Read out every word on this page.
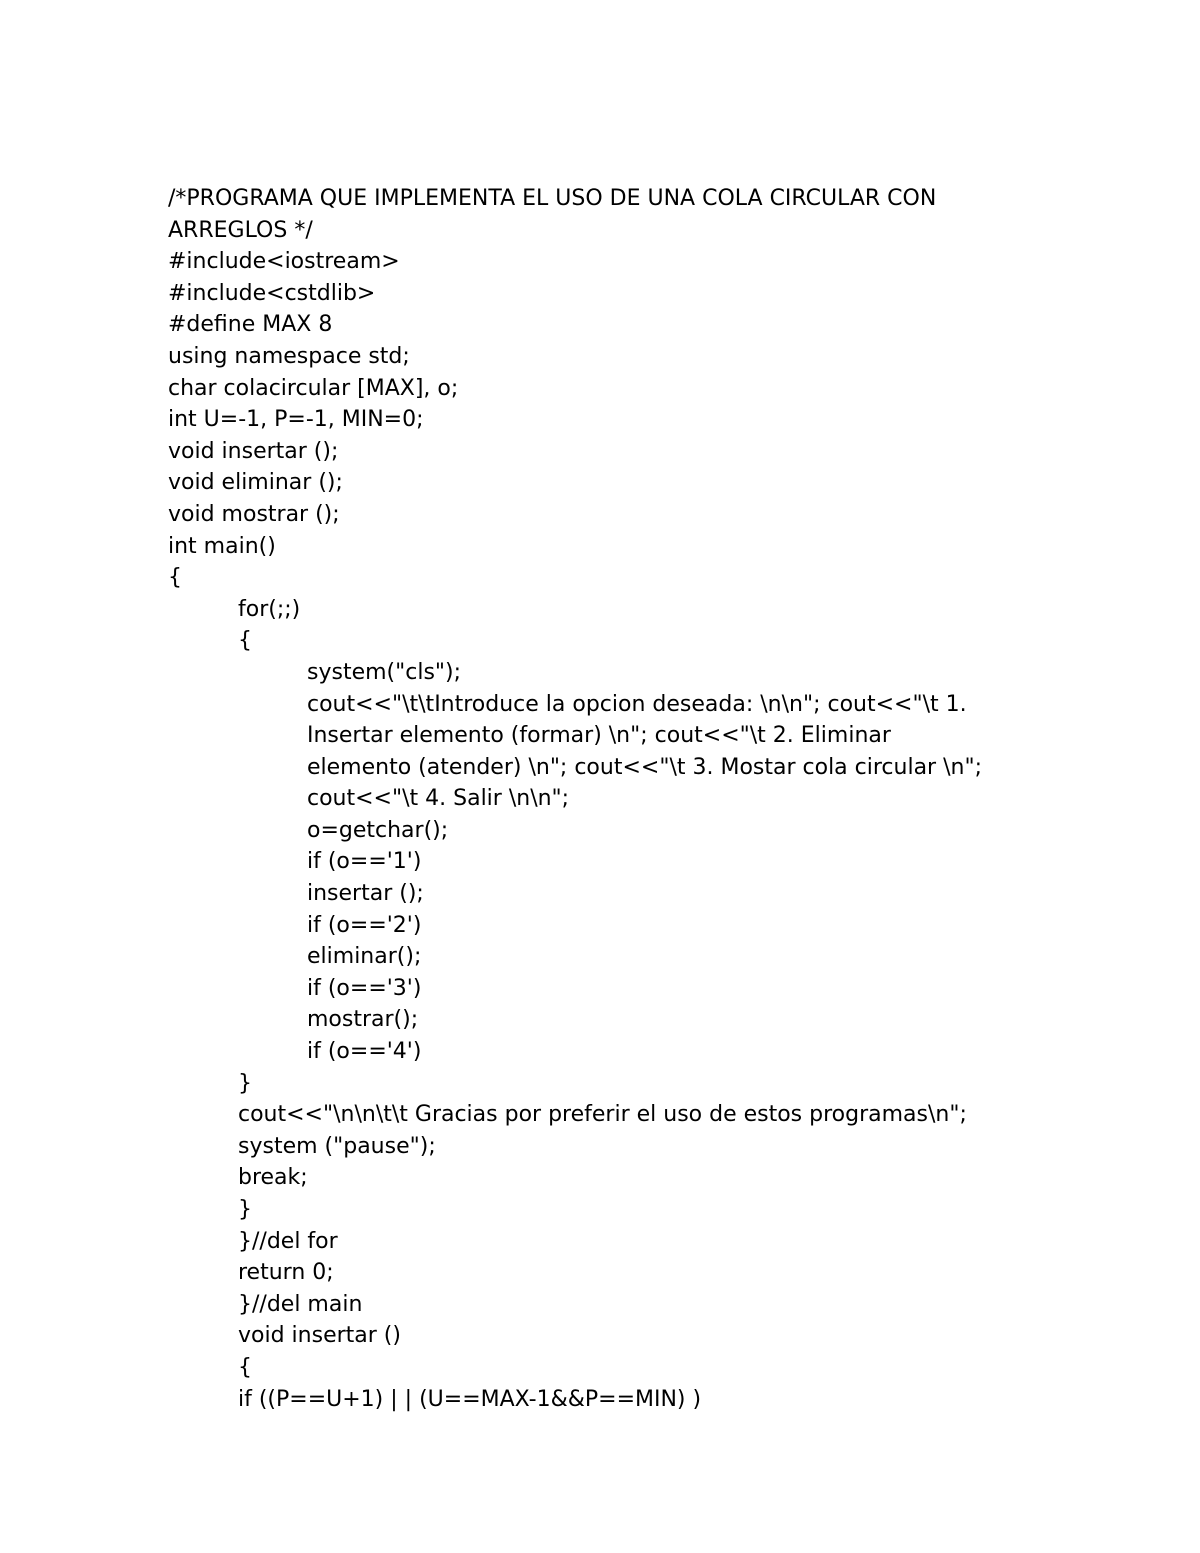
/*PROGRAMA QUE IMPLEMENTA EL USO DE UNA COLA CIRCULAR CON
ARREGLOS */
#include<iostream>
#include<cstdlib>
#define MAX 8
using namespace std;
char colacircular [MAX], o;
int U=-1, P=-1, MIN=0;
void insertar ();
void eliminar ();
void mostrar ();
int main()
{
for(;;)
{
system("cls");
cout<<"\t\tIntroduce la opcion deseada: \n\n"; cout<<"\t 1.
Insertar elemento (formar) \n"; cout<<"\t 2. Eliminar
elemento (atender) \n"; cout<<"\t 3. Mostar cola circular \n";
cout<<"\t 4. Salir \n\n";
o=getchar();
if (o=='1')
insertar ();
if (o=='2')
eliminar();
if (o=='3')
mostrar();
if (o=='4')
}
cout<<"\n\n\t\t Gracias por preferir el uso de estos programas\n";
system ("pause");
break;
}
}//del for
return 0;
}//del main
void insertar ()
{
if ((P==U+1) | | (U==MAX-1&&P==MIN) )
